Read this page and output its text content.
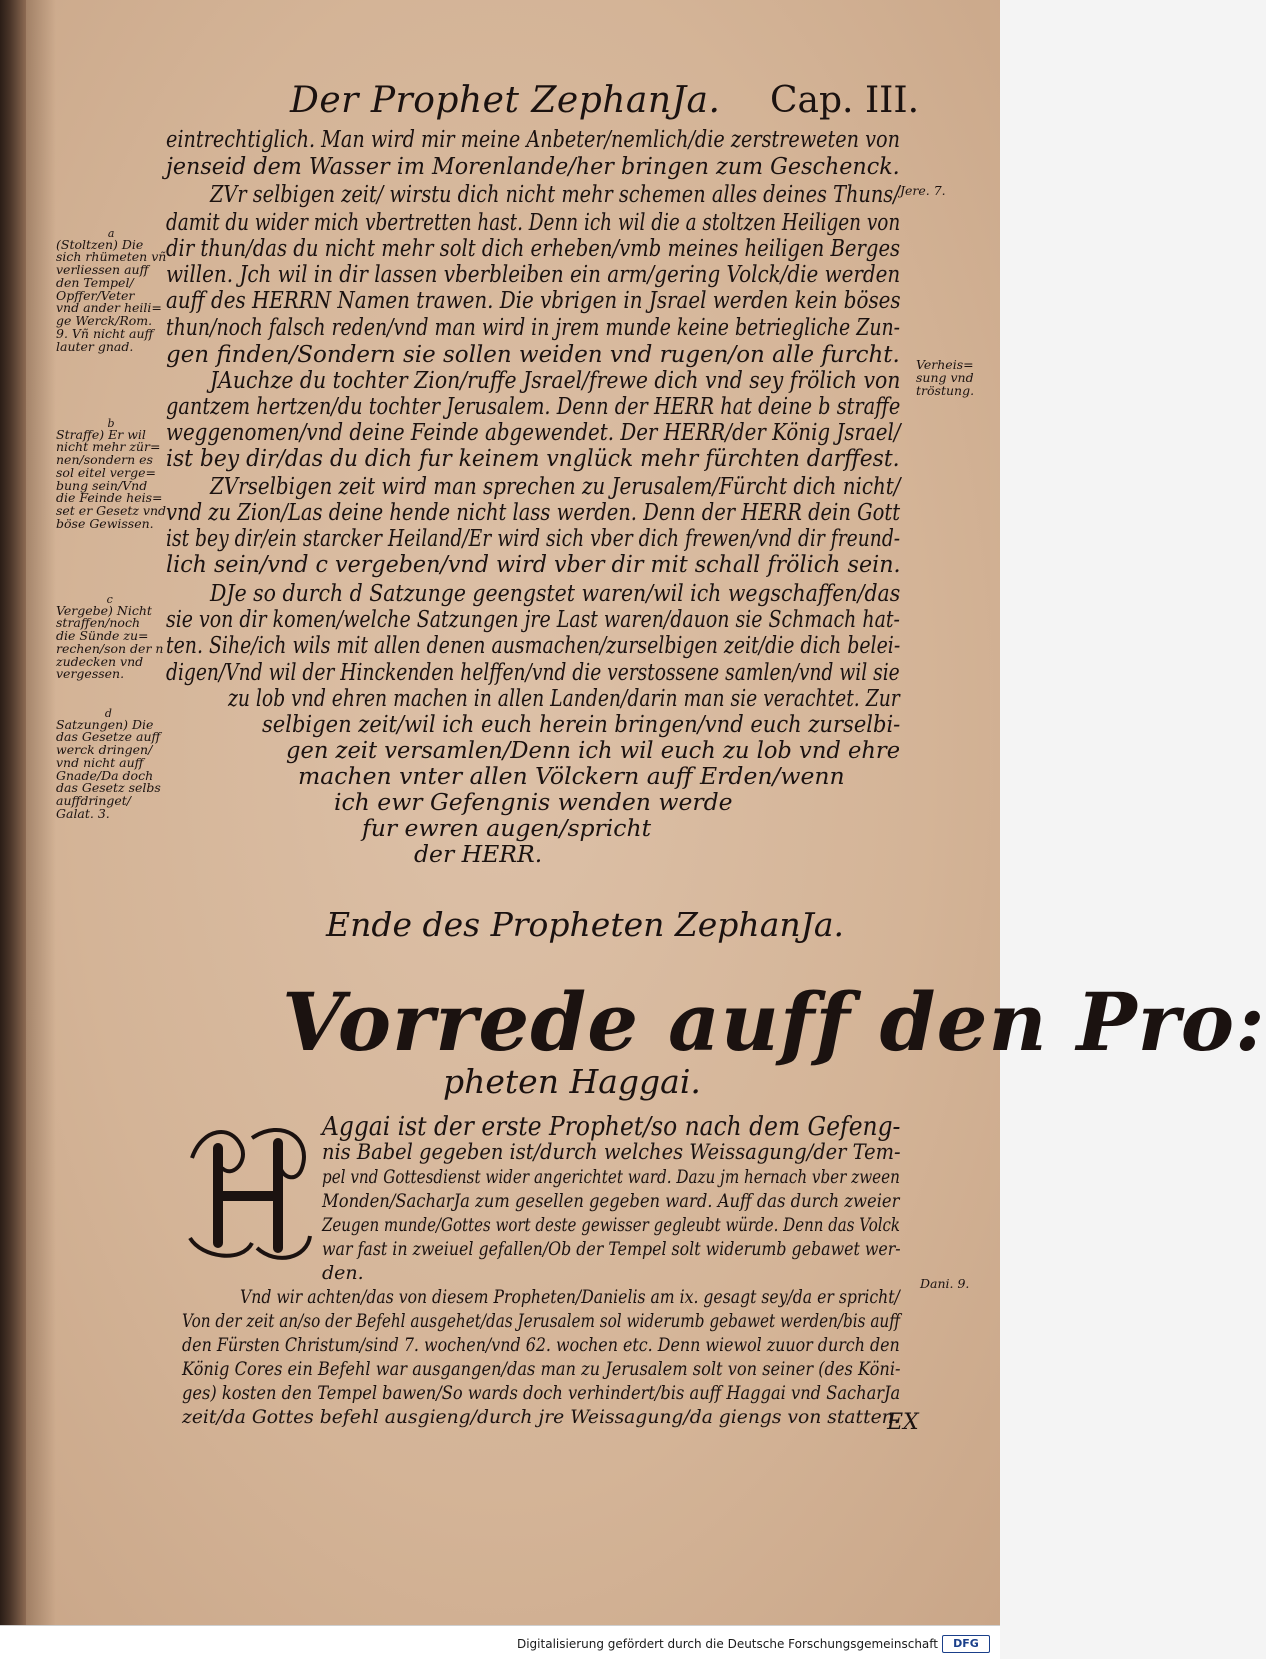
Der Prophet ZephanJa. Cap. III.
eintrechtiglich. Man wird mir meine Anbeter/nemlich/die zerstreweten von
jenseid dem Wasser im Morenlande/her bringen zum Geschenck.
ZVr selbigen zeit/ wirstu dich nicht mehr schemen alles deines Thuns/
damit du wider mich vbertretten hast. Denn ich wil die a stoltzen Heiligen von
dir thun/das du nicht mehr solt dich erheben/vmb meines heiligen Berges
willen. Jch wil in dir lassen vberbleiben ein arm/gering Volck/die werden
auff des HERRN Namen trawen. Die vbrigen in Jsrael werden kein böses
thun/noch falsch reden/vnd man wird in jrem munde keine betriegliche Zun-
gen finden/Sondern sie sollen weiden vnd rugen/on alle furcht.
JAuchze du tochter Zion/ruffe Jsrael/frewe dich vnd sey frölich von
gantzem hertzen/du tochter Jerusalem. Denn der HERR hat deine b straffe
weggenomen/vnd deine Feinde abgewendet. Der HERR/der König Jsrael/
ist bey dir/das du dich fur keinem vnglück mehr fürchten darffest.
ZVrselbigen zeit wird man sprechen zu Jerusalem/Fürcht dich nicht/
vnd zu Zion/Las deine hende nicht lass werden. Denn der HERR dein Gott
ist bey dir/ein starcker Heiland/Er wird sich vber dich frewen/vnd dir freund-
lich sein/vnd c vergeben/vnd wird vber dir mit schall frölich sein.
DJe so durch d Satzunge geengstet waren/wil ich wegschaffen/das
sie von dir komen/welche Satzungen jre Last waren/dauon sie Schmach hat-
ten. Sihe/ich wils mit allen denen ausmachen/zurselbigen zeit/die dich belei-
digen/Vnd wil der Hinckenden helffen/vnd die verstossene samlen/vnd wil sie
zu lob vnd ehren machen in allen Landen/darin man sie verachtet. Zur
selbigen zeit/wil ich euch herein bringen/vnd euch zurselbi-
gen zeit versamlen/Denn ich wil euch zu lob vnd ehre
machen vnter allen Völckern auff Erden/wenn
ich ewr Gefengnis wenden werde
fur ewren augen/spricht
der HERR.

a
(Stoltzen) Die
sich rhümeten vñ
verliessen auff
den Tempel/
Opffer/Veter
vnd ander heili=
ge Werck/Rom.
9. Vñ nicht auff
lauter gnad.

b
Straffe) Er wil
nicht mehr zür=
nen/sondern es
sol eitel verge=
bung sein/Vnd
die Feinde heis=
set er Gesetz vnd
böse Gewissen.

c
Vergebe) Nicht
straffen/noch
die Sünde zu=
rechen/son der n
zudecken vnd
vergessen.

d
Satzungen) Die
das Gesetze auff
werck dringen/
vnd nicht auff
Gnade/Da doch
das Gesetz selbs
auffdringet/
Galat. 3.

Jere. 7.
Verheis=
sung vnd
tröstung.
Dani. 9.
Ende des Propheten ZephanJa.
Vorrede auff den Pro:
pheten Haggai.
Aggai ist der erste Prophet/so nach dem Gefeng-
nis Babel gegeben ist/durch welches Weissagung/der Tem-
pel vnd Gottesdienst wider angerichtet ward. Dazu jm hernach vber zween
Monden/SacharJa zum gesellen gegeben ward. Auff das durch zweier
Zeugen munde/Gottes wort deste gewisser gegleubt würde. Denn das Volck
war fast in zweiuel gefallen/Ob der Tempel solt widerumb gebawet wer-
den.
Vnd wir achten/das von diesem Propheten/Danielis am ix. gesagt sey/da er spricht/
Von der zeit an/so der Befehl ausgehet/das Jerusalem sol widerumb gebawet werden/bis auff
den Fürsten Christum/sind 7. wochen/vnd 62. wochen etc. Denn wiewol zuuor durch den
König Cores ein Befehl war ausgangen/das man zu Jerusalem solt von seiner (des Köni-
ges) kosten den Tempel bawen/So wards doch verhindert/bis auff Haggai vnd SacharJa
zeit/da Gottes befehl ausgieng/durch jre Weissagung/da giengs von statten.
EX
Digitalisierung gefördert durch die Deutsche Forschungsgemeinschaft	DFG
